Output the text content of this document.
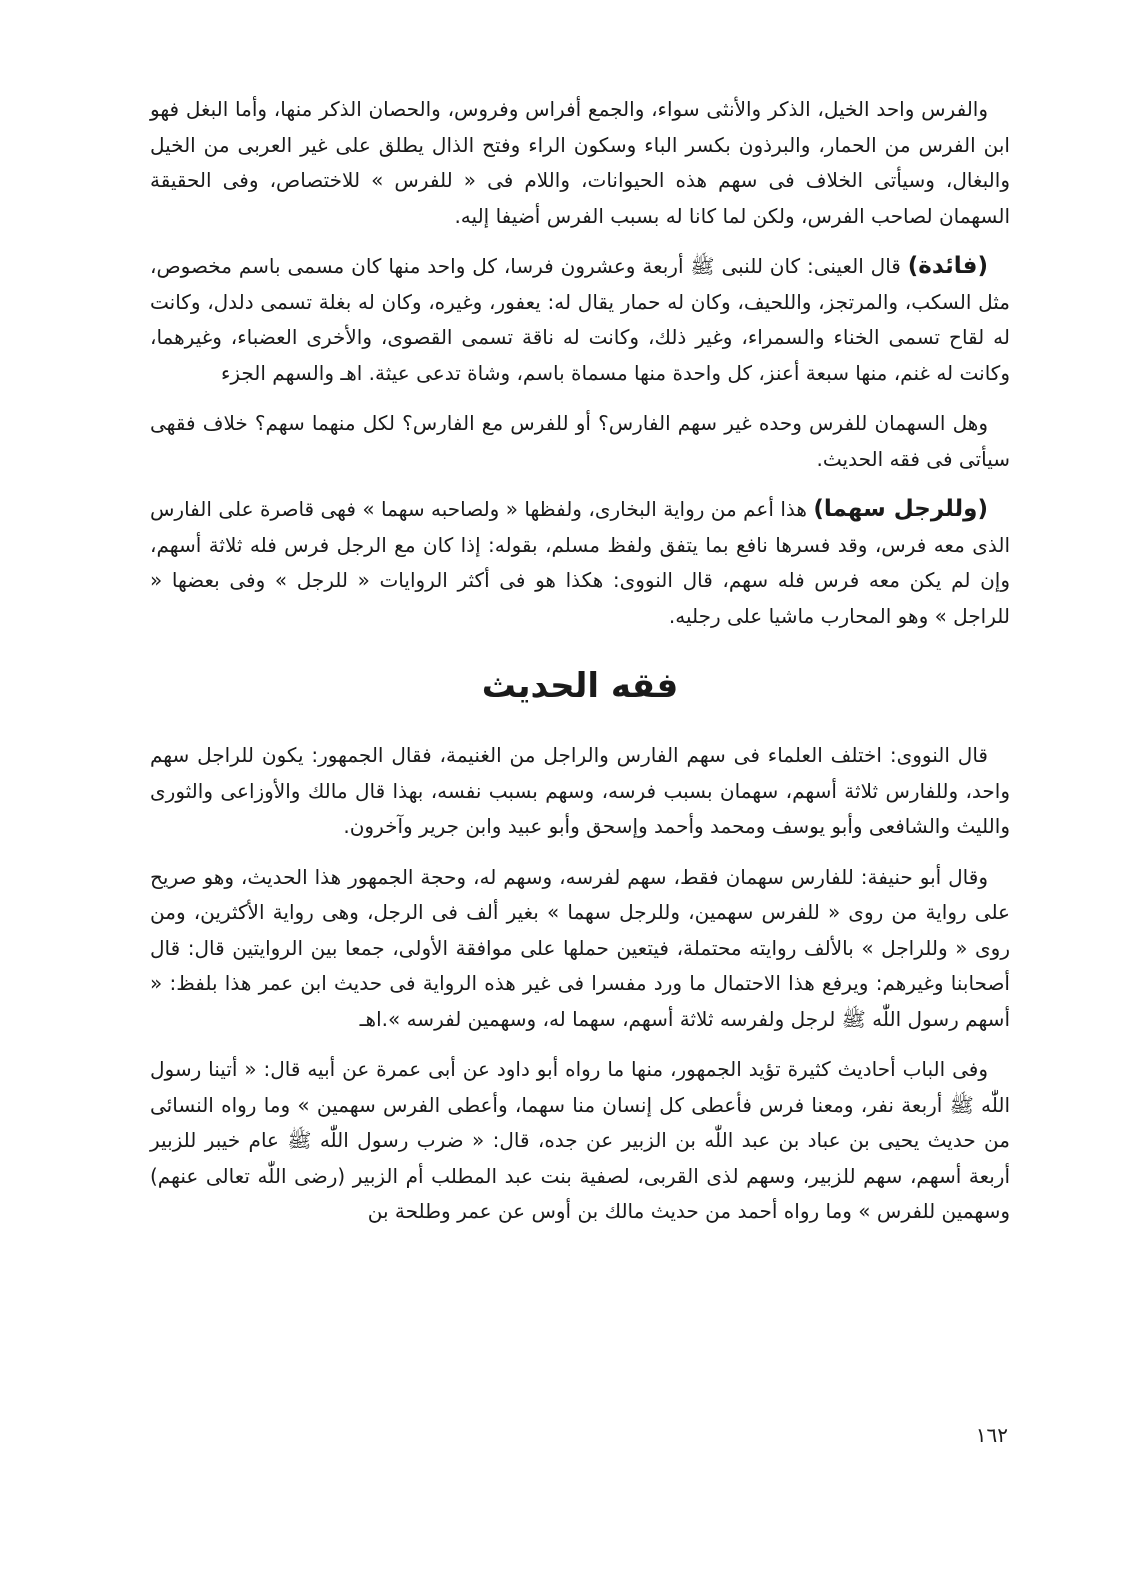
والفرس واحد الخيل، الذكر والأنثى سواء، والجمع أفراس وفروس، والحصان الذكر منها، وأما البغل فهو ابن الفرس من الحمار، والبرذون بكسر الباء وسكون الراء وفتح الذال يطلق على غير العربى من الخيل والبغال، وسيأتى الخلاف فى سهم هذه الحيوانات، واللام فى « للفرس » للاختصاص، وفى الحقيقة السهمان لصاحب الفرس، ولكن لما كانا له بسبب الفرس أضيفا إليه.

(فائدة) قال العينى: كان للنبى ﷺ أربعة وعشرون فرسا، كل واحد منها كان مسمى باسم مخصوص، مثل السكب، والمرتجز، واللحيف، وكان له حمار يقال له: يعفور، وغيره، وكان له بغلة تسمى دلدل، وكانت له لقاح تسمى الخناء والسمراء، وغير ذلك، وكانت له ناقة تسمى القصوى، والأخرى العضباء، وغيرهما، وكانت له غنم، منها سبعة أعنز، كل واحدة منها مسماة باسم، وشاة تدعى عيثة. اهـ والسهم الجزء

وهل السهمان للفرس وحده غير سهم الفارس؟ أو للفرس مع الفارس؟ لكل منهما سهم؟ خلاف فقهى سيأتى فى فقه الحديث.

(وللرجل سهما) هذا أعم من رواية البخارى، ولفظها « ولصاحبه سهما » فهى قاصرة على الفارس الذى معه فرس، وقد فسرها نافع بما يتفق ولفظ مسلم، بقوله: إذا كان مع الرجل فرس فله ثلاثة أسهم، وإن لم يكن معه فرس فله سهم، قال النووى: هكذا هو فى أكثر الروايات « للرجل » وفى بعضها « للراجل » وهو المحارب ماشيا على رجليه.

فقه الحديث

قال النووى: اختلف العلماء فى سهم الفارس والراجل من الغنيمة، فقال الجمهور: يكون للراجل سهم واحد، وللفارس ثلاثة أسهم، سهمان بسبب فرسه، وسهم بسبب نفسه، بهذا قال مالك والأوزاعى والثورى والليث والشافعى وأبو يوسف ومحمد وأحمد وإسحق وأبو عبيد وابن جرير وآخرون.

وقال أبو حنيفة: للفارس سهمان فقط، سهم لفرسه، وسهم له، وحجة الجمهور هذا الحديث، وهو صريح على رواية من روى « للفرس سهمين، وللرجل سهما » بغير ألف فى الرجل، وهى رواية الأكثرين، ومن روى « وللراجل » بالألف روايته محتملة، فيتعين حملها على موافقة الأولى، جمعا بين الروايتين قال: قال أصحابنا وغيرهم: ويرفع هذا الاحتمال ما ورد مفسرا فى غير هذه الرواية فى حديث ابن عمر هذا بلفظ: « أسهم رسول اللّٰه ﷺ لرجل ولفرسه ثلاثة أسهم، سهما له، وسهمين لفرسه ».اهـ

وفى الباب أحاديث كثيرة تؤيد الجمهور، منها ما رواه أبو داود عن أبى عمرة عن أبيه قال: « أتينا رسول اللّٰه ﷺ أربعة نفر، ومعنا فرس فأعطى كل إنسان منا سهما، وأعطى الفرس سهمين » وما رواه النسائى من حديث يحيى بن عباد بن عبد اللّٰه بن الزبير عن جده، قال: « ضرب رسول اللّٰه ﷺ عام خيبر للزبير أربعة أسهم، سهم للزبير، وسهم لذى القربى، لصفية بنت عبد المطلب أم الزبير (رضى اللّٰه تعالى عنهم) وسهمين للفرس » وما رواه أحمد من حديث مالك بن أوس عن عمر وطلحة بن

١٦٢
